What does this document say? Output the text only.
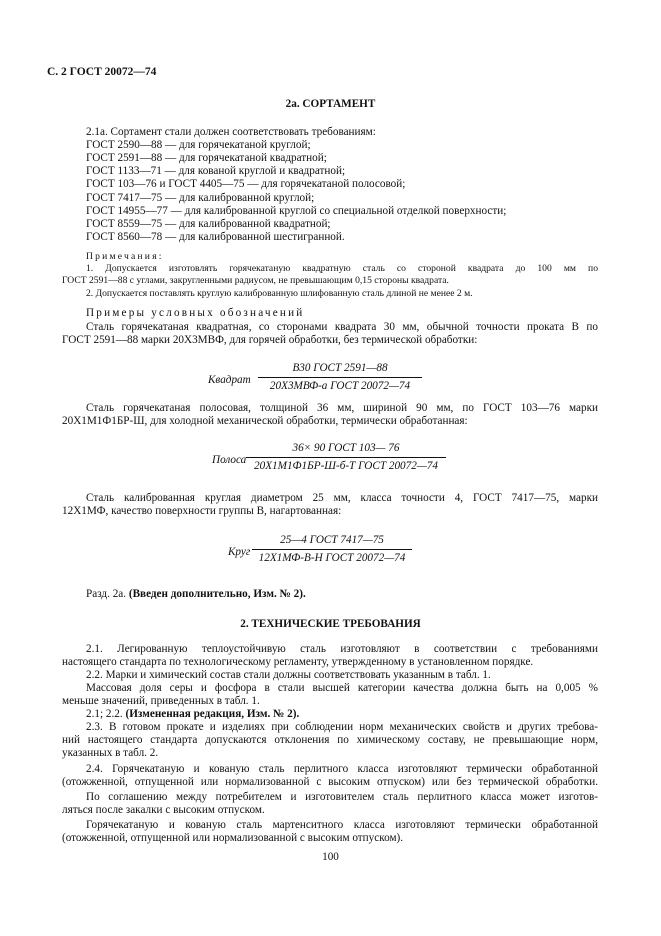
С. 2 ГОСТ 20072—74
2а. СОРТАМЕНТ
2.1а. Сортамент стали должен соответствовать требованиям:
ГОСТ 2590—88 — для горячекатаной круглой;
ГОСТ 2591—88 — для горячекатаной квадратной;
ГОСТ 1133—71 — для кованой круглой и квадратной;
ГОСТ 103—76 и ГОСТ 4405—75 — для горячекатаной полосовой;
ГОСТ 7417—75 — для калиброванной круглой;
ГОСТ 14955—77 — для калиброванной круглой со специальной отделкой поверхности;
ГОСТ 8559—75 — для калиброванной квадратной;
ГОСТ 8560—78 — для калиброванной шестигранной.
Примечания:
1. Допускается изготовлять горячекатаную квадратную сталь со стороной квадрата до 100 мм по
ГОСТ 2591—88 с углами, закругленными радиусом, не превышающим 0,15 стороны квадрата.
2. Допускается поставлять круглую калиброванную шлифованную сталь длиной не менее 2 м.
Примеры условных обозначений
Сталь горячекатаная квадратная, со сторонами квадрата 30 мм, обычной точности проката В по
ГОСТ 2591—88 марки 20Х3МВФ, для горячей обработки, без термической обработки:
Квадрат
В30 ГОСТ 2591—88
20Х3МВФ-а ГОСТ 20072—74
Сталь горячекатаная полосовая, толщиной 36 мм, шириной 90 мм, по ГОСТ 103—76 марки
20Х1М1Ф1БР-Ш, для холодной механической обработки, термически обработанная:
Полоса
36× 90 ГОСТ 103— 76
20Х1М1Ф1БР-Ш-б-Т ГОСТ 20072—74
Сталь калиброванная круглая диаметром 25 мм, класса точности 4, ГОСТ 7417—75, марки
12Х1МФ, качество поверхности группы В, нагартованная:
Круг
25—4 ГОСТ 7417—75
12Х1МФ-В-Н ГОСТ 20072—74
Разд. 2а. (Введен дополнительно, Изм. № 2).
2. ТЕХНИЧЕСКИЕ ТРЕБОВАНИЯ
2.1. Легированную теплоустойчивую сталь изготовляют в соответствии с требованиями
настоящего стандарта по технологическому регламенту, утвержденному в установленном порядке.
2.2. Марки и химический состав стали должны соответствовать указанным в табл. 1.
Массовая доля серы и фосфора в стали высшей категории качества должна быть на 0,005 %
меньше значений, приведенных в табл. 1.
2.1; 2.2. (Измененная редакция, Изм. № 2).
2.3. В готовом прокате и изделиях при соблюдении норм механических свойств и других требова-
ний настоящего стандарта допускаются отклонения по химическому составу, не превышающие норм,
указанных в табл. 2.
2.4. Горячекатаную и кованую сталь перлитного класса изготовляют термически обработанной
(отожженной, отпущенной или нормализованной с высоким отпуском) или без термической обработки.
По соглашению между потребителем и изготовителем сталь перлитного класса может изготов-
ляться после закалки с высоким отпуском.
Горячекатаную и кованую сталь мартенситного класса изготовляют термически обработанной
(отожженной, отпущенной или нормализованной с высоким отпуском).
100
